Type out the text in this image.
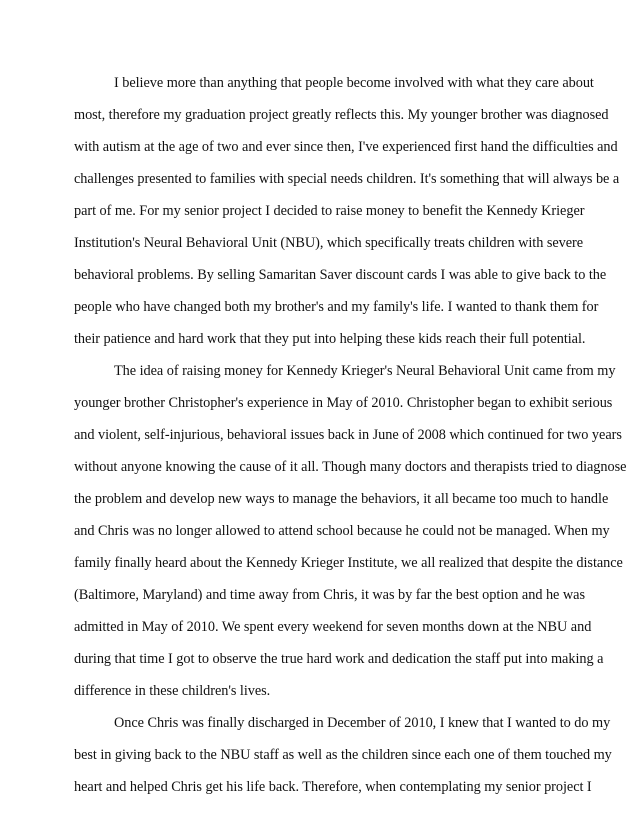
I believe more than anything that people become involved with what they care about
most, therefore my graduation project greatly reflects this. My younger brother was diagnosed
with autism at the age of two and ever since then, I've experienced first hand the difficulties and
challenges presented to families with special needs children. It's something that will always be a
part of me. For my senior project I decided to raise money to benefit the Kennedy Krieger
Institution's Neural Behavioral Unit (NBU), which specifically treats children with severe
behavioral problems. By selling Samaritan Saver discount cards I was able to give back to the
people who have changed both my brother's and my family's life. I wanted to thank them for
their patience and hard work that they put into helping these kids reach their full potential.
The idea of raising money for Kennedy Krieger's Neural Behavioral Unit came from my
younger brother Christopher's experience in May of 2010. Christopher began to exhibit serious
and violent, self-injurious, behavioral issues back in June of 2008 which continued for two years
without anyone knowing the cause of it all. Though many doctors and therapists tried to diagnose
the problem and develop new ways to manage the behaviors, it all became too much to handle
and Chris was no longer allowed to attend school because he could not be managed. When my
family finally heard about the Kennedy Krieger Institute, we all realized that despite the distance
(Baltimore, Maryland) and time away from Chris, it was by far the best option and he was
admitted in May of 2010. We spent every weekend for seven months down at the NBU and
during that time I got to observe the true hard work and dedication the staff put into making a
difference in these children's lives.
Once Chris was finally discharged in December of 2010, I knew that I wanted to do my
best in giving back to the NBU staff as well as the children since each one of them touched my
heart and helped Chris get his life back. Therefore, when contemplating my senior project I
